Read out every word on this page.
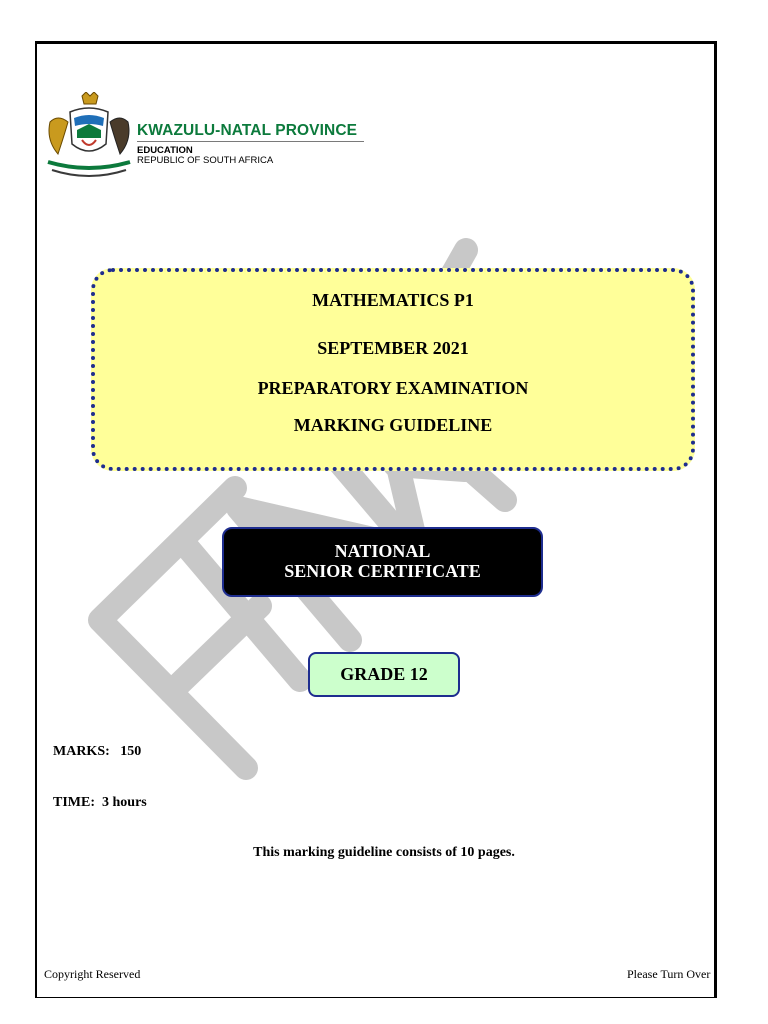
KWAZULU-NATAL PROVINCE
EDUCATION
REPUBLIC OF SOUTH AFRICA
MATHEMATICS P1
SEPTEMBER 2021
PREPARATORY EXAMINATION
MARKING GUIDELINE
NATIONAL
SENIOR CERTIFICATE
GRADE 12
MARKS:   150
TIME:  3 hours
This marking guideline consists of 10 pages.
Copyright Reserved	Please Turn Over
